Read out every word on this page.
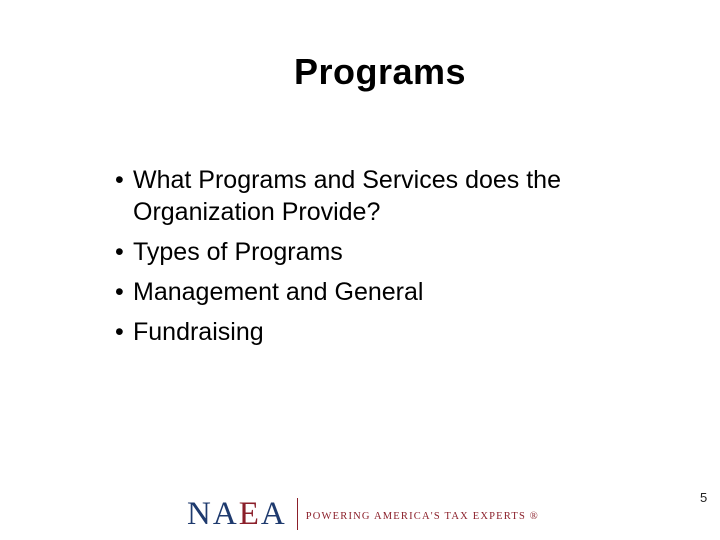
Programs
• What Programs and Services does the
Organization Provide?
• Types of Programs
• Management and General
• Fundraising
NAEA POWERING AMERICA'S TAX EXPERTS ®
5
